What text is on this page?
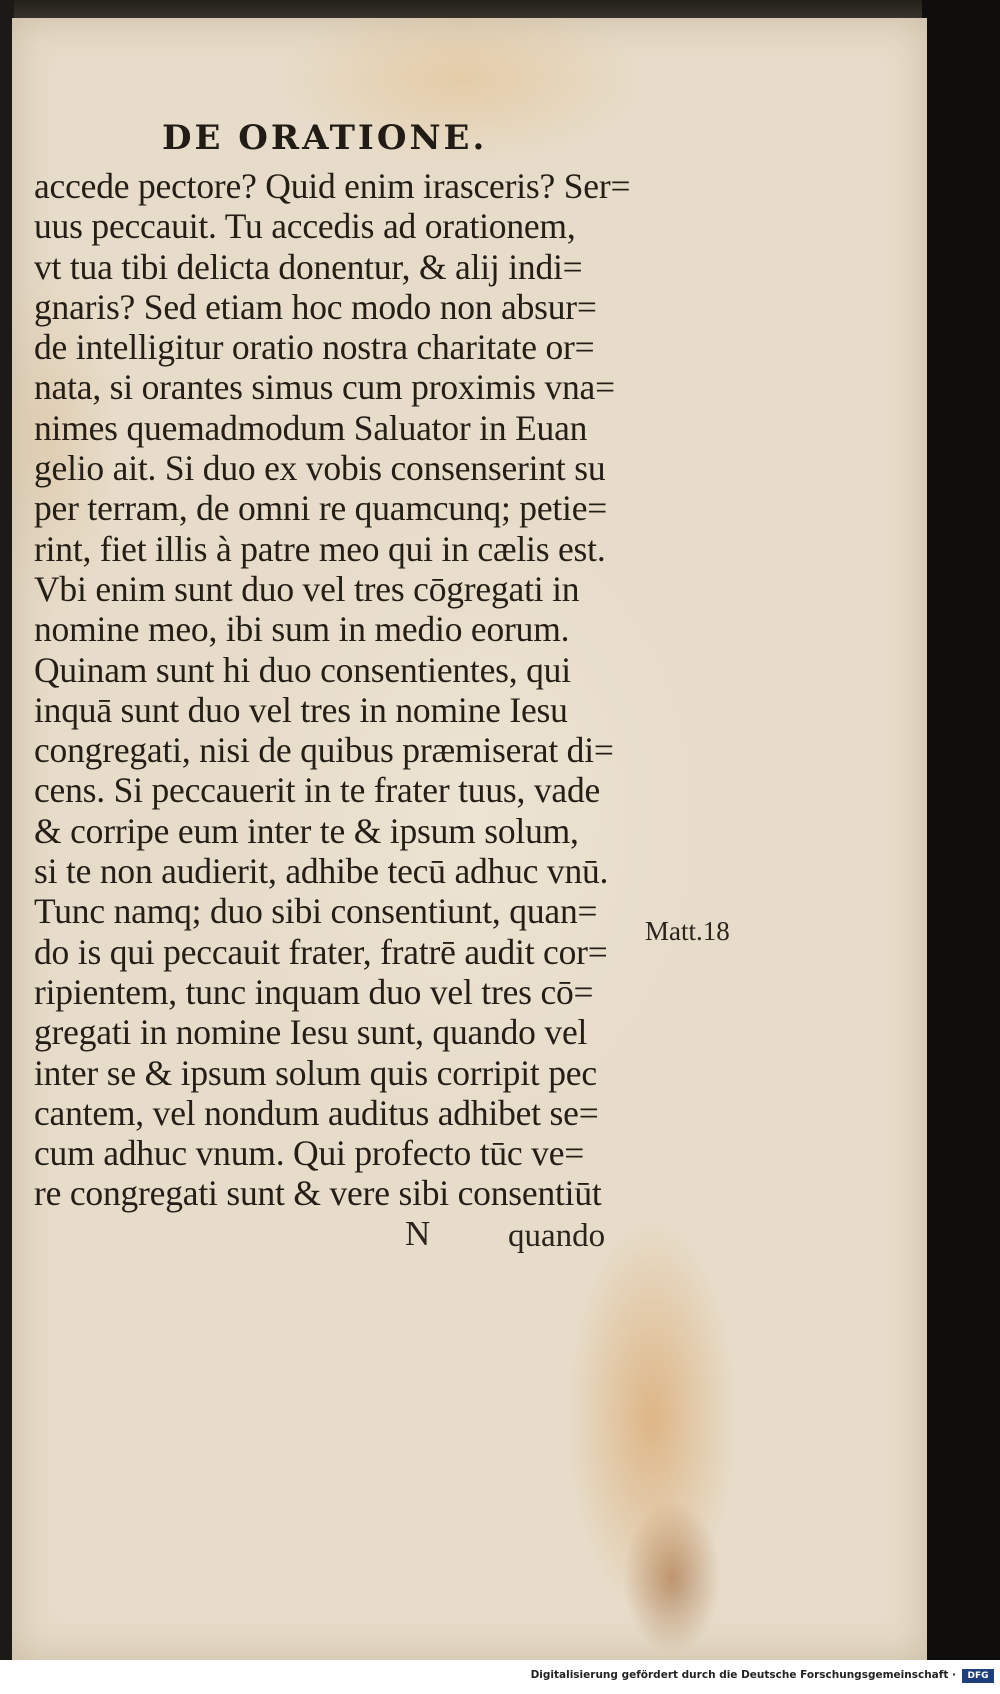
DE ORATIONE.
accede pectore? Quid enim irasceris? Ser=
uus peccauit. Tu accedis ad orationem,
vt tua tibi delicta donentur, & alij indi=
gnaris? Sed etiam hoc modo non absur=
de intelligitur oratio nostra charitate or=
nata, si orantes simus cum proximis vna=
nimes quemadmodum Saluator in Euan
gelio ait. Si duo ex vobis consenserint su
per terram, de omni re quamcunq; petie=
rint, fiet illis à patre meo qui in cælis est.
Vbi enim sunt duo vel tres cōgregati in
nomine meo, ibi sum in medio eorum.
Quinam sunt hi duo consentientes, qui
inquā sunt duo vel tres in nomine Iesu
congregati, nisi de quibus præmiserat di=
cens. Si peccauerit in te frater tuus, vade
& corripe eum inter te & ipsum solum,
si te non audierit, adhibe tecū adhuc vnū.
Tunc namq; duo sibi consentiunt, quan=
do is qui peccauit frater, fratrē audit cor=
ripientem, tunc inquam duo vel tres cō=
gregati in nomine Iesu sunt, quando vel
inter se & ipsum solum quis corripit pec
cantem, vel nondum auditus adhibet se=
cum adhuc vnum. Qui profecto tūc ve=
re congregati sunt & vere sibi consentiūt
Matt.18
N quando
Digitalisierung gefördert durch die Deutsche Forschungsgemeinschaft ·	DFG
